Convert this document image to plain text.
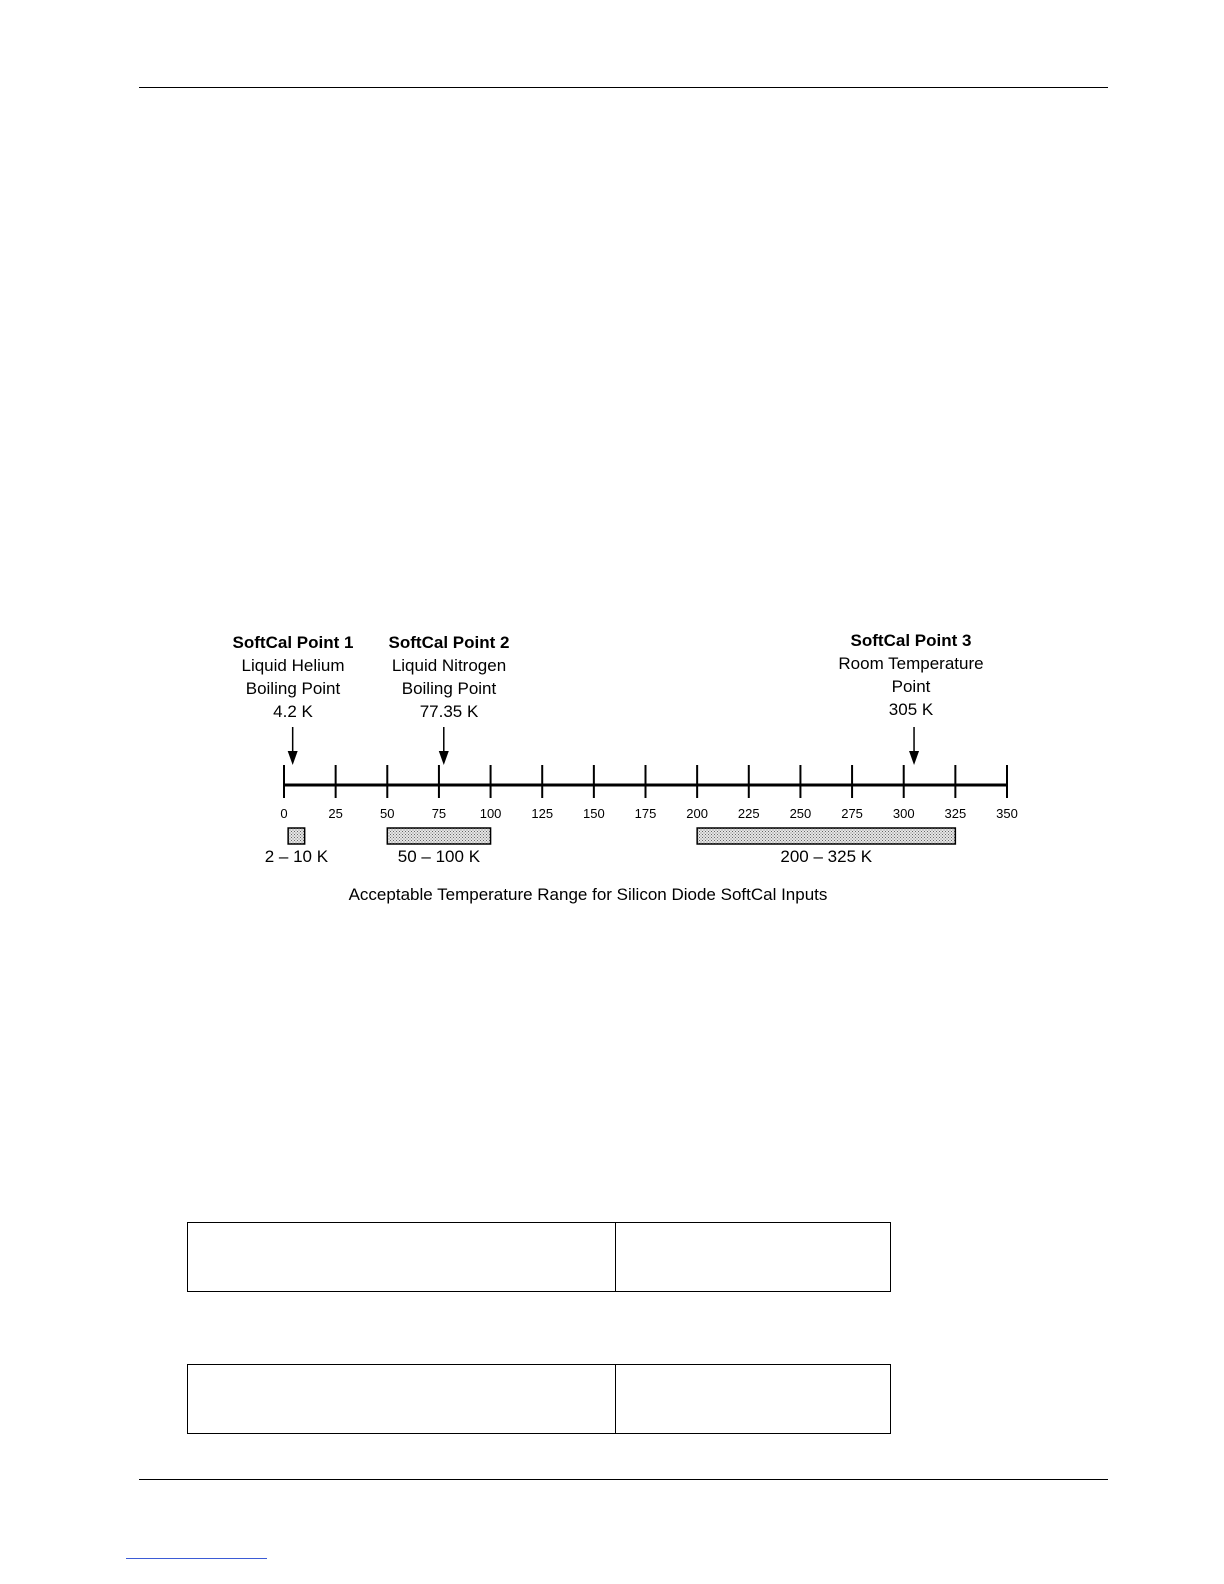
0	25	50	75	100 125 150 175 200 225 250 275 300 325 350
2 – 10 K	50 – 100 K	200 – 325 K
SoftCal Point 1
Liquid Helium
Boiling Point
4.2 K
SoftCal Point 2
Liquid Nitrogen
Boiling Point
77.35 K
SoftCal Point 3
Room Temperature
Point
305 K
Acceptable Temperature Range for Silicon Diode SoftCal Inputs
